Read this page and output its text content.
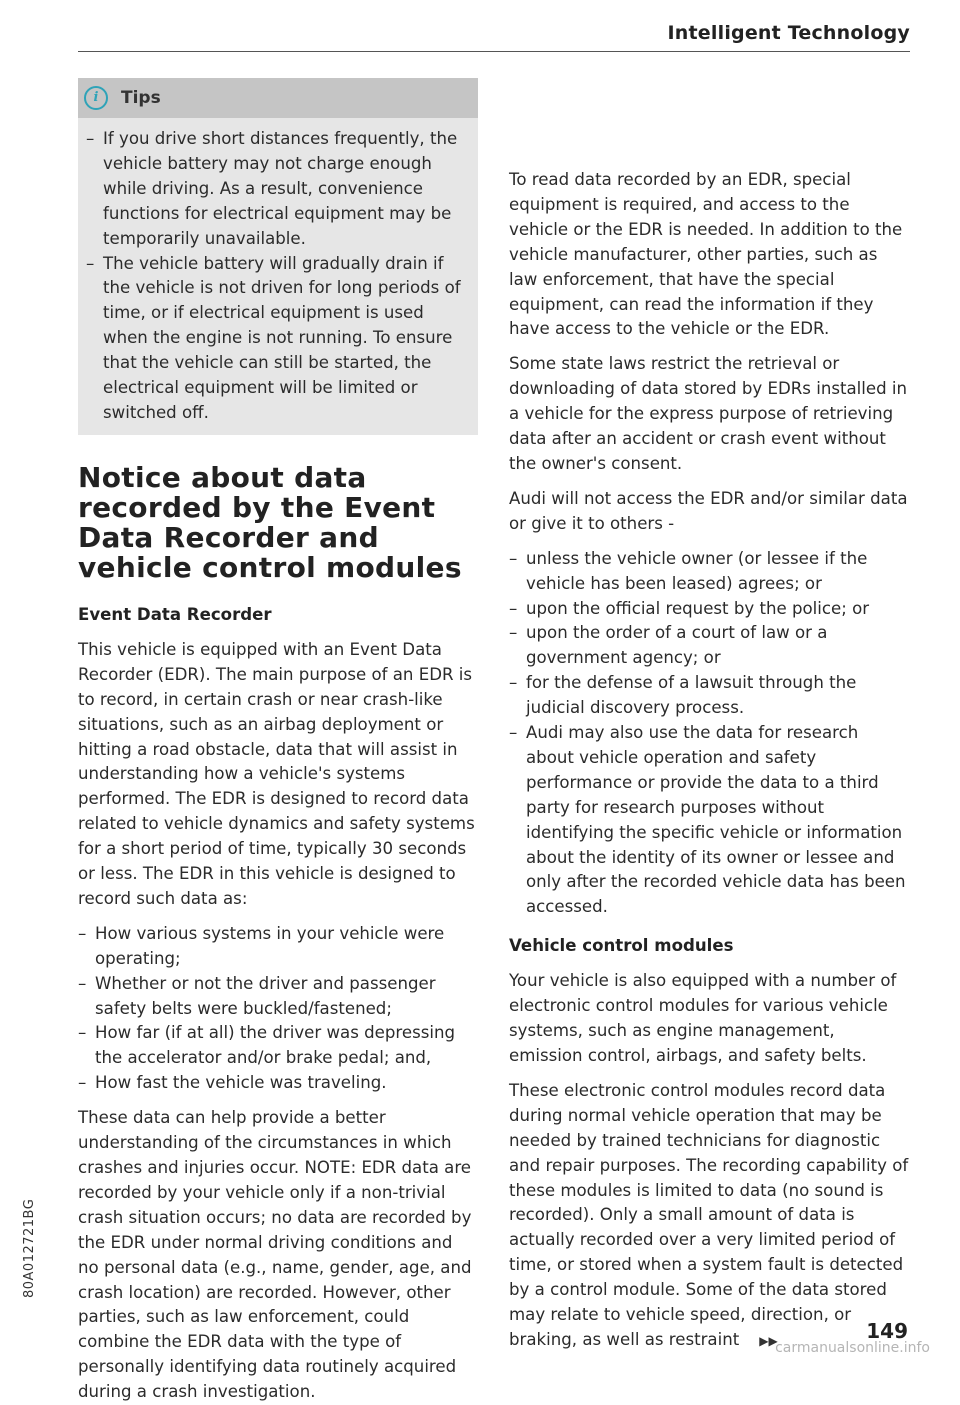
Intelligent Technology
i	Tips
– If you drive short distances frequently, the vehicle battery may not charge enough while driving. As a result, convenience functions for electrical equipment may be temporarily unavailable.
– The vehicle battery will gradually drain if the vehicle is not driven for long periods of time, or if electrical equipment is used when the engine is not running. To ensure that the vehicle can still be started, the electrical equipment will be limited or switched off.
Notice about data recorded by the Event Data Recorder and vehicle control modules
Event Data Recorder

This vehicle is equipped with an Event Data Recorder (EDR). The main purpose of an EDR is to record, in certain crash or near crash-like situations, such as an airbag deployment or hitting a road obstacle, data that will assist in understanding how a vehicle's systems performed. The EDR is designed to record data related to vehicle dynamics and safety systems for a short period of time, typically 30 seconds or less. The EDR in this vehicle is designed to record such data as:

– How various systems in your vehicle were operating;
– Whether or not the driver and passenger safety belts were buckled/fastened;
– How far (if at all) the driver was depressing the accelerator and/or brake pedal; and,
– How fast the vehicle was traveling.

These data can help provide a better understanding of the circumstances in which crashes and injuries occur. NOTE: EDR data are recorded by your vehicle only if a non-trivial crash situation occurs; no data are recorded by the EDR under normal driving conditions and no personal data (e.g., name, gender, age, and crash location) are recorded. However, other parties, such as law enforcement, could combine the EDR data with the type of personally identifying data routinely acquired during a crash investigation.

To read data recorded by an EDR, special equipment is required, and access to the vehicle or the EDR is needed. In addition to the vehicle manufacturer, other parties, such as law enforcement, that have the special equipment, can read the information if they have access to the vehicle or the EDR.

Some state laws restrict the retrieval or downloading of data stored by EDRs installed in a vehicle for the express purpose of retrieving data after an accident or crash event without the owner's consent.

Audi will not access the EDR and/or similar data or give it to others -

– unless the vehicle owner (or lessee if the vehicle has been leased) agrees; or
– upon the official request by the police; or
– upon the order of a court of law or a government agency; or
– for the defense of a lawsuit through the judicial discovery process.
– Audi may also use the data for research about vehicle operation and safety performance or provide the data to a third party for research purposes without identifying the specific vehicle or information about the identity of its owner or lessee and only after the recorded vehicle data has been accessed.
Vehicle control modules

Your vehicle is also equipped with a number of electronic control modules for various vehicle systems, such as engine management, emission control, airbags, and safety belts.

These electronic control modules record data during normal vehicle operation that may be needed by trained technicians for diagnostic and repair purposes. The recording capability of these modules is limited to data (no sound is recorded). Only a small amount of data is actually recorded over a very limited period of time, or stored when a system fault is detected by a control module. Some of the data stored may relate to vehicle speed, direction, or braking, as well as restraint ▶▶	149
80A012721BG
carmanualsonline.info
